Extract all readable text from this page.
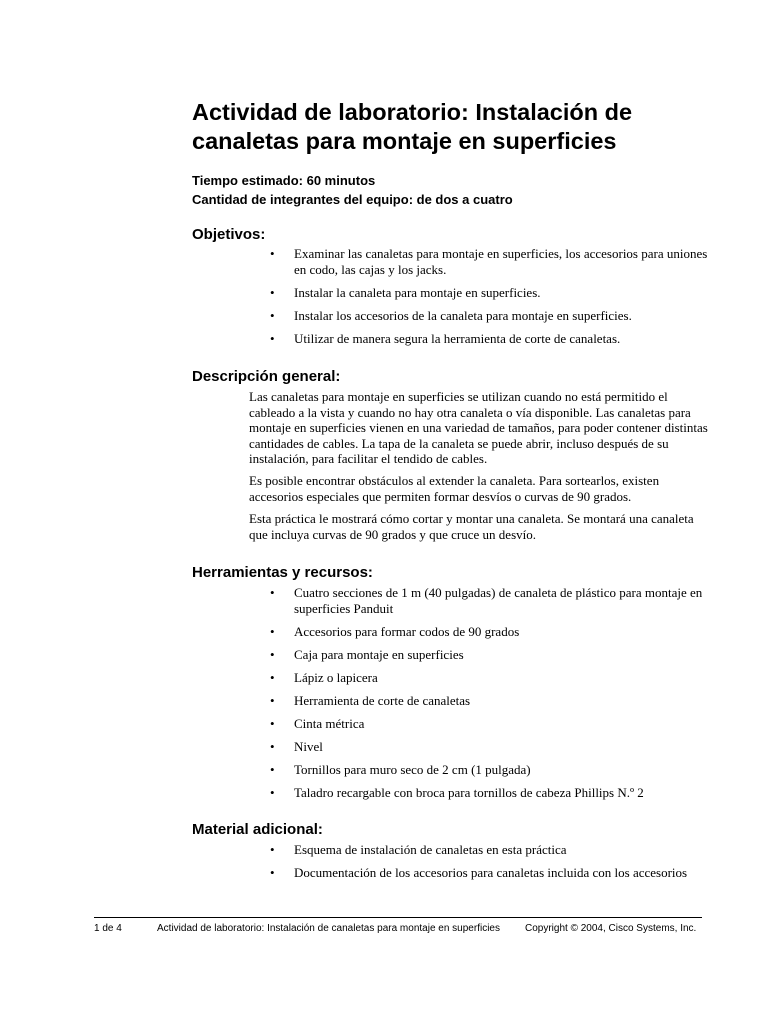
Actividad de laboratorio: Instalación de canaletas para montaje en superficies
Tiempo estimado: 60 minutos
Cantidad de integrantes del equipo: de dos a cuatro
Objetivos:
• Examinar las canaletas para montaje en superficies, los accesorios para uniones en codo, las cajas y los jacks.
• Instalar la canaleta para montaje en superficies.
• Instalar los accesorios de la canaleta para montaje en superficies.
• Utilizar de manera segura la herramienta de corte de canaletas.
Descripción general:

Las canaletas para montaje en superficies se utilizan cuando no está permitido el cableado a la vista y cuando no hay otra canaleta o vía disponible. Las canaletas para montaje en superficies vienen en una variedad de tamaños, para poder contener distintas cantidades de cables. La tapa de la canaleta se puede abrir, incluso después de su instalación, para facilitar el tendido de cables.

Es posible encontrar obstáculos al extender la canaleta. Para sortearlos, existen accesorios especiales que permiten formar desvíos o curvas de 90 grados.

Esta práctica le mostrará cómo cortar y montar una canaleta. Se montará una canaleta que incluya curvas de 90 grados y que cruce un desvío.

Herramientas y recursos:
• Cuatro secciones de 1 m (40 pulgadas) de canaleta de plástico para montaje en superficies Panduit
• Accesorios para formar codos de 90 grados
• Caja para montaje en superficies
• Lápiz o lapicera
• Herramienta de corte de canaletas
• Cinta métrica
• Nivel
• Tornillos para muro seco de 2 cm (1 pulgada)
• Taladro recargable con broca para tornillos de cabeza Phillips N.º 2
Material adicional:
• Esquema de instalación de canaletas en esta práctica
• Documentación de los accesorios para canaletas incluida con los accesorios
1 de 4	Actividad de laboratorio: Instalación de canaletas para montaje en superficies	Copyright © 2004, Cisco Systems, Inc.
